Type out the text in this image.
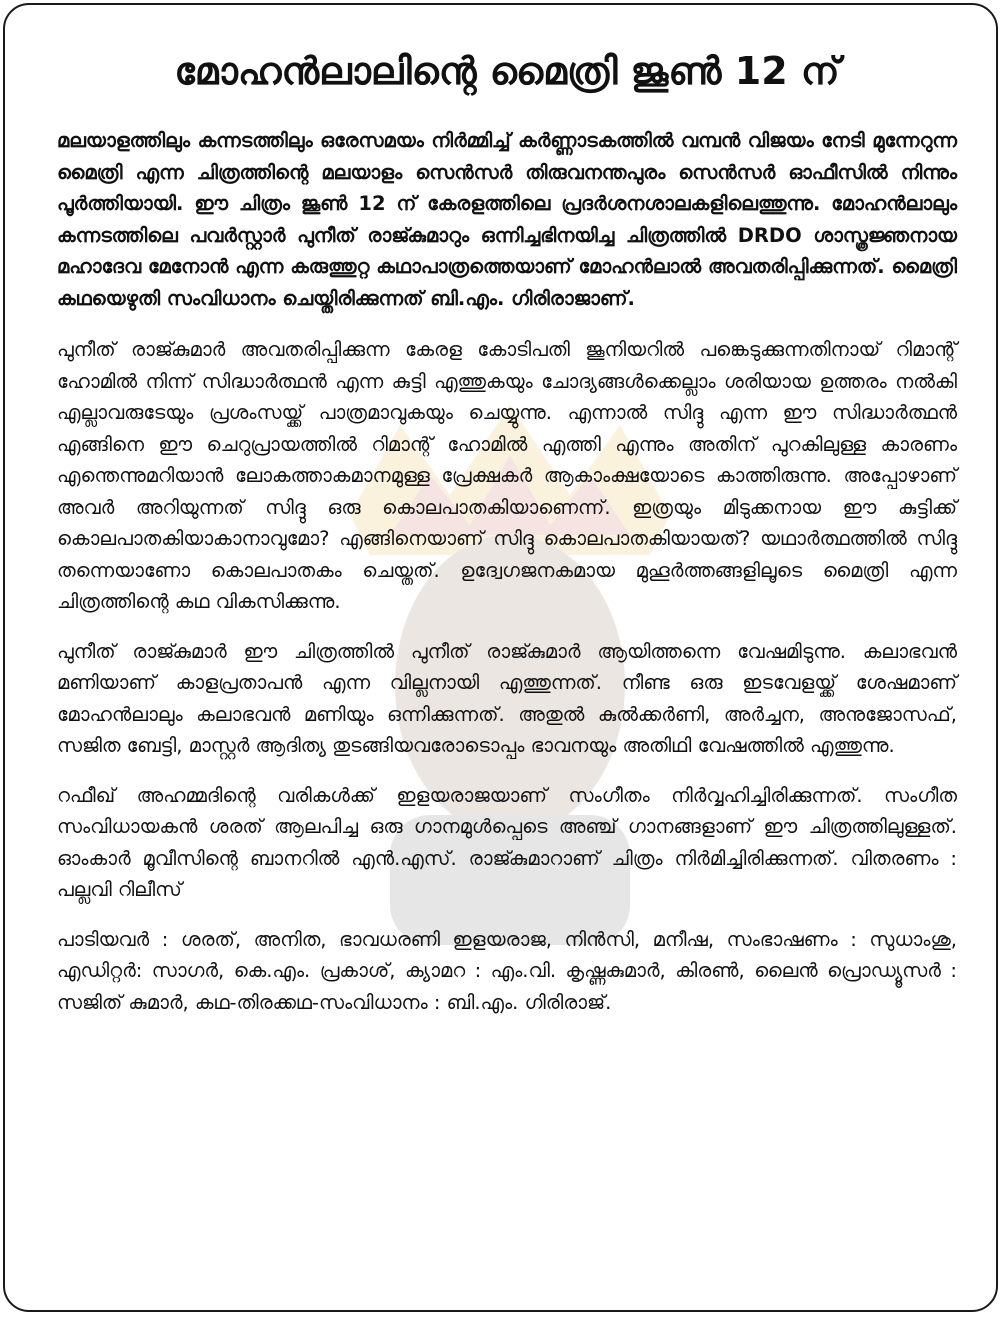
മോഹൻലാലിന്റെ മൈത്രി ജൂൺ 12 ന്

മലയാളത്തിലും കന്നടത്തിലും ഒരേസമയം നിർമ്മിച്ച് കർണ്ണാടകത്തിൽ വമ്പൻ വിജയം നേടി മുന്നേറുന്ന മൈത്രി എന്ന ചിത്രത്തിന്റെ മലയാളം സെൻസർ തിരുവനന്തപുരം സെൻസർ ഓഫീസിൽ നിന്നും പൂർത്തിയായി. ഈ ചിത്രം ജൂൺ 12 ന് കേരളത്തിലെ പ്രദർശനശാലകളിലെത്തുന്നു. മോഹൻലാലും കന്നടത്തിലെ പവർസ്റ്റാർ പുനീത് രാജ്കുമാറും ഒന്നിച്ചഭിനയിച്ച ചിത്രത്തിൽ DRDO ശാസ്ത്രജ്ഞനായ മഹാദേവ മേനോൻ എന്ന കരുത്തുറ്റ കഥാപാത്രത്തെയാണ് മോഹൻലാൽ അവതരിപ്പിക്കുന്നത്. മൈത്രി കഥയെഴുതി സംവിധാനം ചെയ്തിരിക്കുന്നത് ബി.എം. ഗിരിരാജാണ്.

പുനീത് രാജ്കുമാർ അവതരിപ്പിക്കുന്ന കേരള കോടിപതി ജൂനിയറിൽ പങ്കെടുക്കുന്നതിനായ് റിമാന്റ് ഹോമിൽ നിന്ന് സിദ്ധാർത്ഥൻ എന്ന കുട്ടി എത്തുകയും ചോദ്യങ്ങൾക്കെല്ലാം ശരിയായ ഉത്തരം നൽകി എല്ലാവരുടേയും പ്രശംസയ്ക്ക് പാത്രമാവുകയും ചെയ്യുന്നു. എന്നാൽ സിദ്ദു എന്ന ഈ സിദ്ധാർത്ഥൻ എങ്ങിനെ ഈ ചെറുപ്രായത്തിൽ റിമാന്റ് ഹോമിൽ എത്തി എന്നും അതിന് പുറകിലുള്ള കാരണം എന്തെന്നുമറിയാൻ ലോകത്താകമാനമുള്ള പ്രേക്ഷകർ ആകാംക്ഷയോടെ കാത്തിരുന്നു. അപ്പോഴാണ് അവർ അറിയുന്നത് സിദ്ദു ഒരു കൊലപാതകിയാണെന്ന്. ഇത്രയും മിടുക്കനായ ഈ കുട്ടിക്ക് കൊലപാതകിയാകാനാവുമോ? എങ്ങിനെയാണ് സിദ്ദു കൊലപാതകിയായത്? യഥാർത്ഥത്തിൽ സിദ്ദു തന്നെയാണോ കൊലപാതകം ചെയ്തത്. ഉദ്വേഗജനകമായ മുഹൂർത്തങ്ങളിലൂടെ മൈത്രി എന്ന ചിത്രത്തിന്റെ കഥ വികസിക്കുന്നു.

പുനീത് രാജ്കുമാർ ഈ ചിത്രത്തിൽ പുനീത് രാജ്കുമാർ ആയിത്തന്നെ വേഷമിടുന്നു. കലാഭവൻ മണിയാണ് കാളപ്രതാപൻ എന്ന വില്ലനായി എത്തുന്നത്. നീണ്ട ഒരു ഇടവേളയ്ക്ക് ശേഷമാണ് മോഹൻലാലും കലാഭവൻ മണിയും ഒന്നിക്കുന്നത്. അതുൽ കുൽക്കർണി, അർച്ചന, അനുജോസഫ്, സജിത ബേട്ടി, മാസ്റ്റർ ആദിത്യ തുടങ്ങിയവരോടൊപ്പം ഭാവനയും അതിഥി വേഷത്തിൽ എത്തുന്നു.

റഫീഖ് അഹമ്മദിന്റെ വരികൾക്ക് ഇളയരാജയാണ് സംഗീതം നിർവ്വഹിച്ചിരിക്കുന്നത്. സംഗീത സംവിധായകൻ ശരത് ആലപിച്ച ഒരു ഗാനമുൾപ്പെടെ അഞ്ച് ഗാനങ്ങളാണ് ഈ ചിത്രത്തിലുള്ളത്. ഓംകാർ മൂവീസിന്റെ ബാനറിൽ എൻ.എസ്. രാജ്കുമാറാണ് ചിത്രം നിർമിച്ചിരിക്കുന്നത്. വിതരണം : പല്ലവി റിലീസ്

പാടിയവർ : ശരത്, അനിത, ഭാവധരണി ഇളയരാജ, നിൻസി, മനീഷ, സംഭാഷണം : സുധാംശു, എഡിറ്റർ: സാഗർ, കെ.എം. പ്രകാശ്, ക്യാമറ : എം.വി. കൃഷ്ണകുമാർ, കിരൺ, ലൈൻ പ്രൊഡ്യൂസർ : സജിത് കുമാർ, കഥ-തിരക്കഥ-സംവിധാനം : ബി.എം. ഗിരിരാജ്.
